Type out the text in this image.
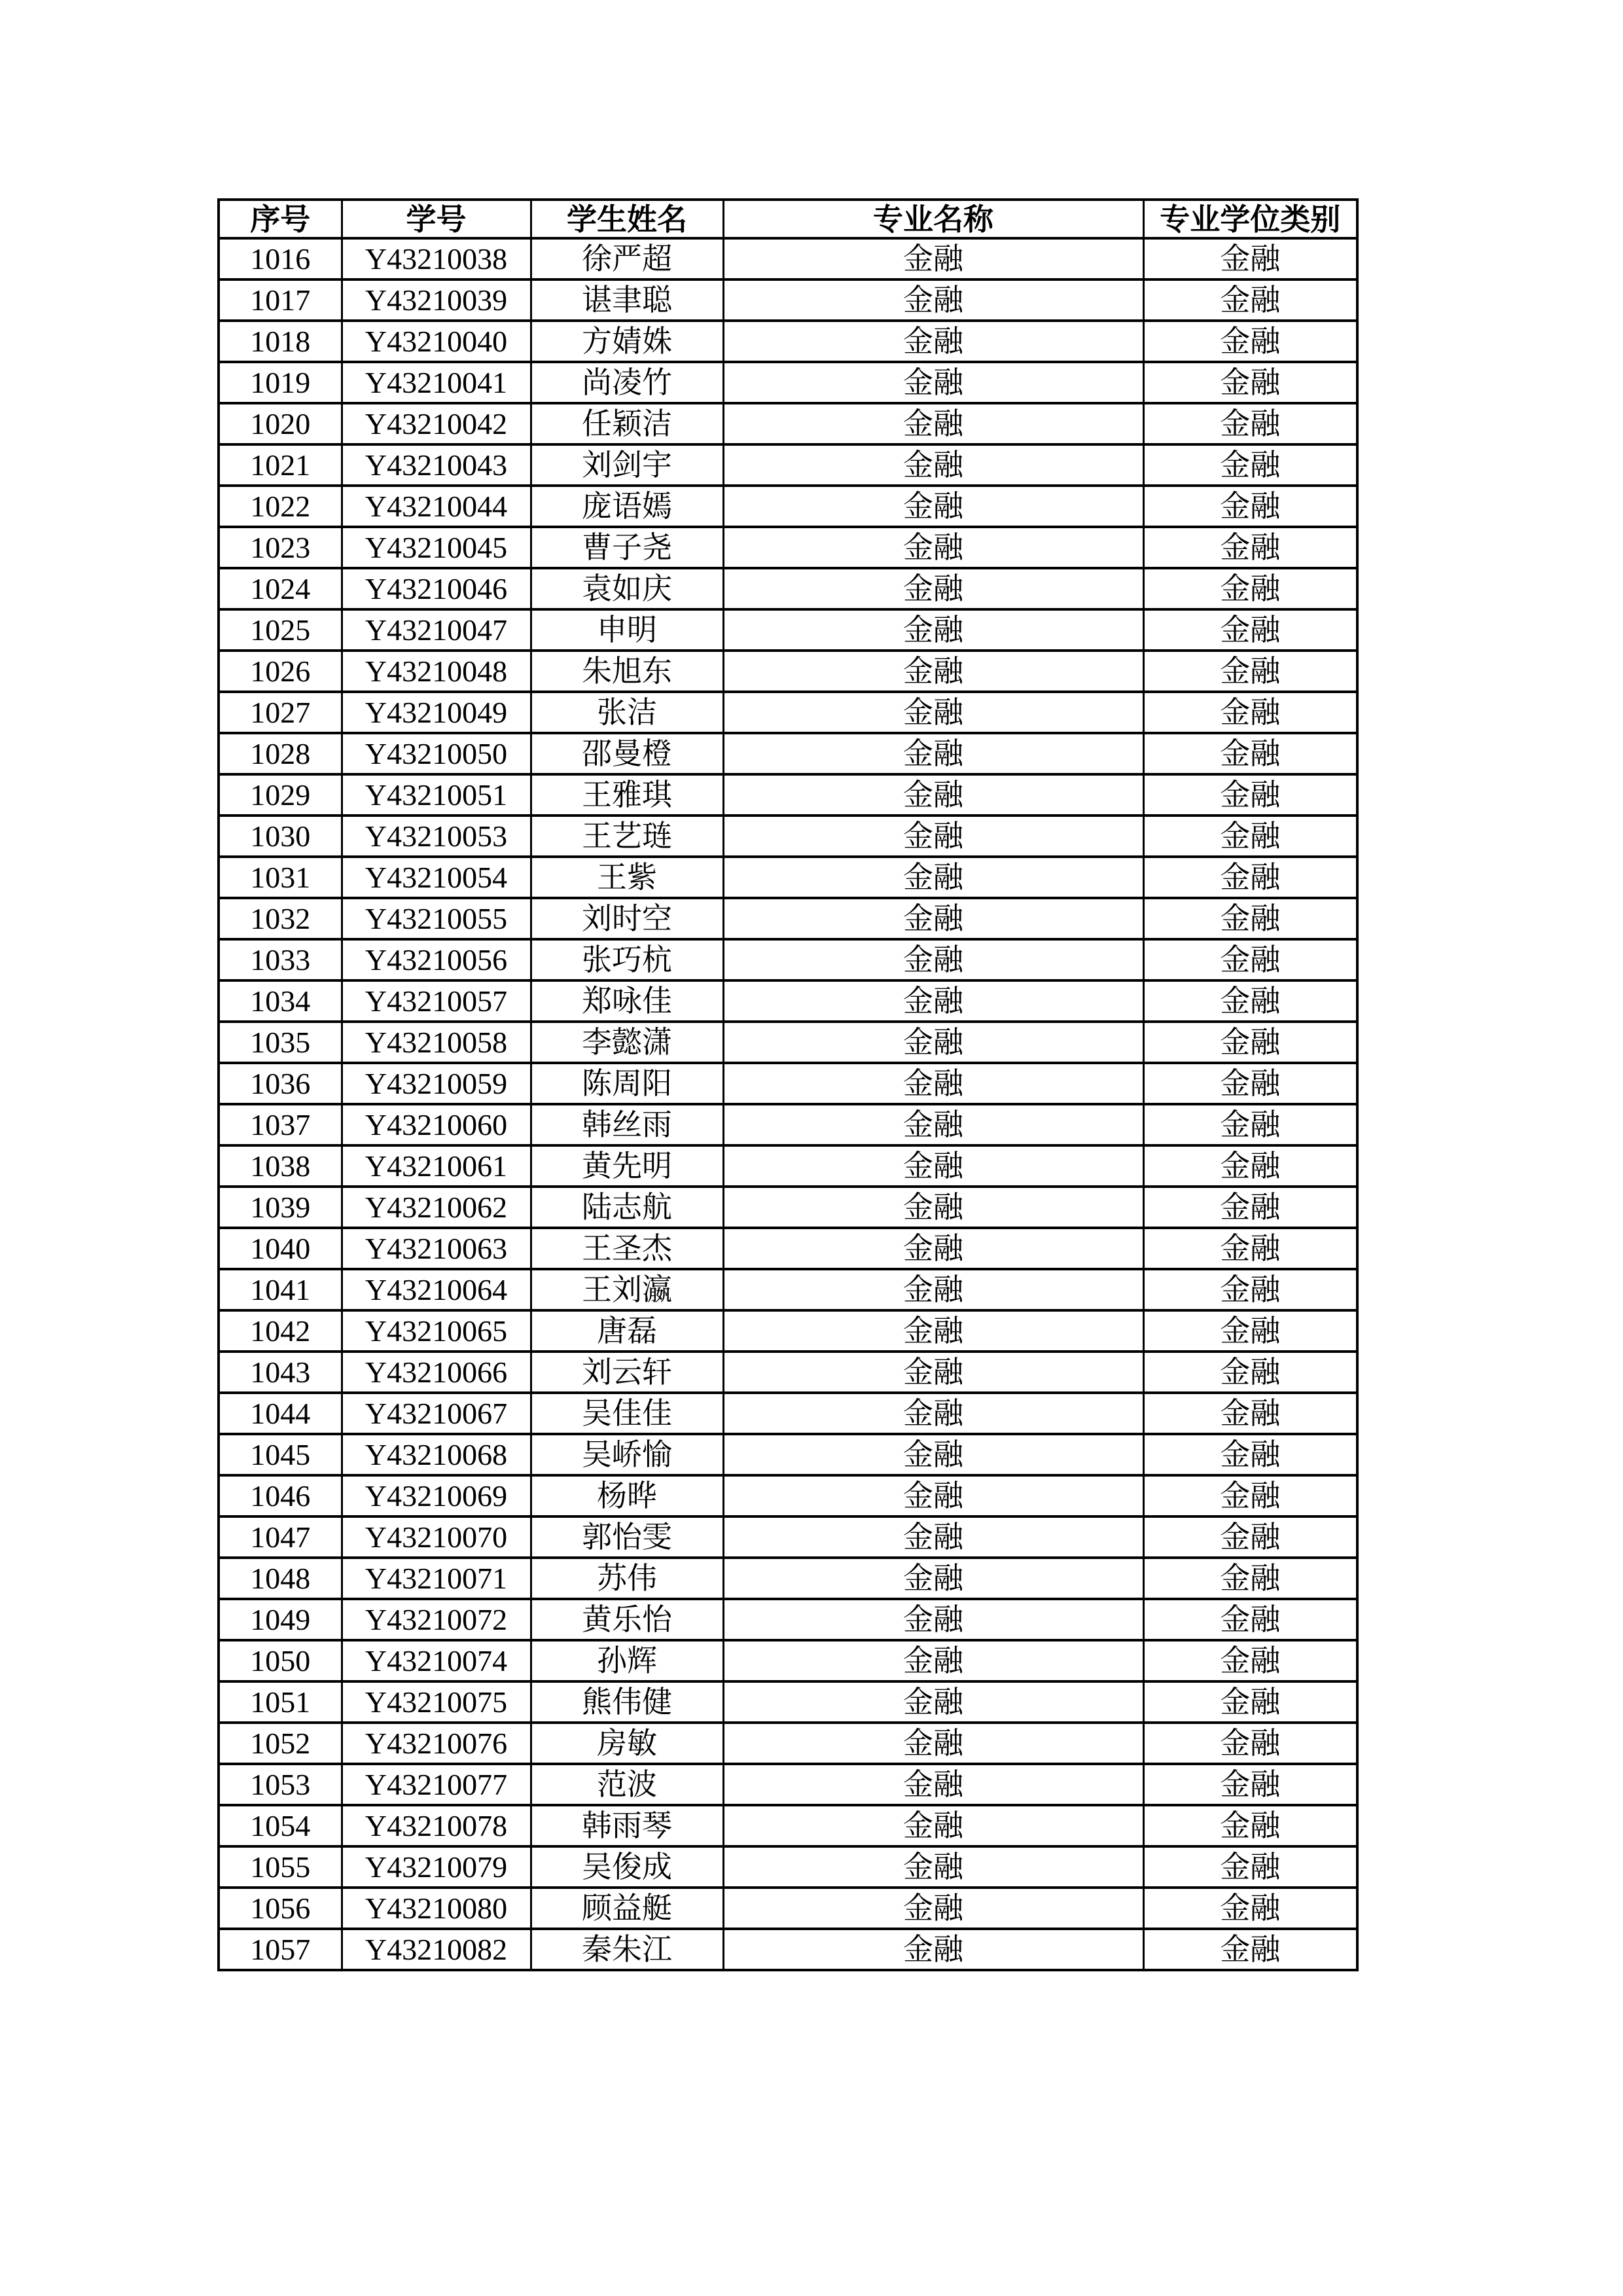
序号	学号	学生姓名	专业名称	专业学位类别
1016	Y43210038	徐严超	金融	金融
1017	Y43210039	谌聿聪	金融	金融
1018	Y43210040	方婧姝	金融	金融
1019	Y43210041	尚凌竹	金融	金融
1020	Y43210042	任颖洁	金融	金融
1021	Y43210043	刘剑宇	金融	金融
1022	Y43210044	庞语嫣	金融	金融
1023	Y43210045	曹子尧	金融	金融
1024	Y43210046	袁如庆	金融	金融
1025	Y43210047	申明	金融	金融
1026	Y43210048	朱旭东	金融	金融
1027	Y43210049	张洁	金融	金融
1028	Y43210050	邵曼橙	金融	金融
1029	Y43210051	王雅琪	金融	金融
1030	Y43210053	王艺琏	金融	金融
1031	Y43210054	王紫	金融	金融
1032	Y43210055	刘时空	金融	金融
1033	Y43210056	张巧杭	金融	金融
1034	Y43210057	郑咏佳	金融	金融
1035	Y43210058	李懿潇	金融	金融
1036	Y43210059	陈周阳	金融	金融
1037	Y43210060	韩丝雨	金融	金融
1038	Y43210061	黄先明	金融	金融
1039	Y43210062	陆志航	金融	金融
1040	Y43210063	王圣杰	金融	金融
1041	Y43210064	王刘瀛	金融	金融
1042	Y43210065	唐磊	金融	金融
1043	Y43210066	刘云轩	金融	金融
1044	Y43210067	吴佳佳	金融	金融
1045	Y43210068	吴峤愉	金融	金融
1046	Y43210069	杨晔	金融	金融
1047	Y43210070	郭怡雯	金融	金融
1048	Y43210071	苏伟	金融	金融
1049	Y43210072	黄乐怡	金融	金融
1050	Y43210074	孙辉	金融	金融
1051	Y43210075	熊伟健	金融	金融
1052	Y43210076	房敏	金融	金融
1053	Y43210077	范波	金融	金融
1054	Y43210078	韩雨琴	金融	金融
1055	Y43210079	吴俊成	金融	金融
1056	Y43210080	顾益艇	金融	金融
1057	Y43210082	秦朱江	金融	金融
